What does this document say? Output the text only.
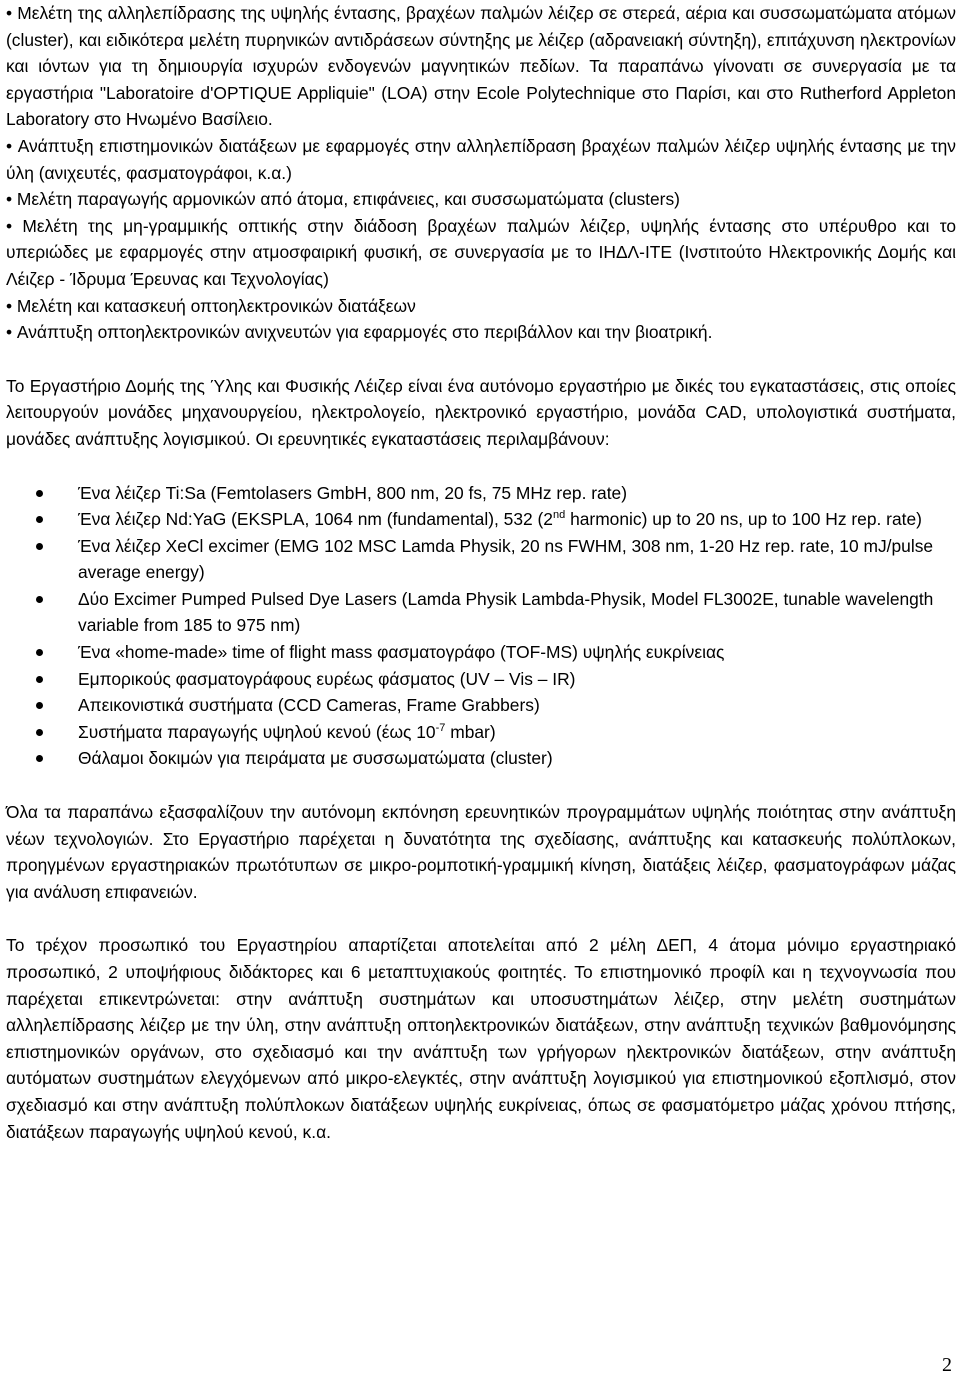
• Μελέτη της αλληλεπίδρασης της υψηλής έντασης, βραχέων παλμών λέιζερ σε στερεά, αέρια και συσσωματώματα ατόμων (cluster), και ειδικότερα μελέτη πυρηνικών αντιδράσεων σύντηξης με λέιζερ (αδρανειακή σύντηξη), επιτάχυνση ηλεκτρονίων και ιόντων για τη δημιουργία ισχυρών ενδογενών μαγνητικών πεδίων. Τα παραπάνω γίνονατι σε συνεργασία με τα εργαστήρια "Laboratoire d'OPTIQUE Appliquie" (LOA) στην Ecole Polytechnique στο Παρίσι, και στο Rutherford Appleton Laboratory στο Ηνωμένο Βασίλειο.

• Ανάπτυξη επιστημονικών διατάξεων με εφαρμογές στην αλληλεπίδραση βραχέων παλμών λέιζερ υψηλής έντασης με την ύλη (ανιχευτές, φασματογράφοι, κ.α.)

• Μελέτη παραγωγής αρμονικών από άτομα, επιφάνειες, και συσσωματώματα (clusters)

• Μελέτη της μη-γραμμικής οπτικής στην διάδοση βραχέων παλμών λέιζερ, υψηλής έντασης στο υπέρυθρο και το υπεριώδες με εφαρμογές στην ατμοσφαιρική φυσική, σε συνεργασία με το ΙΗΔΛ-ΙΤΕ (Ινστιτούτο Ηλεκτρονικής Δομής και Λέιζερ - Ίδρυμα Έρευνας και Τεχνολογίας)

• Μελέτη και κατασκευή οπτοηλεκτρονικών διατάξεων

• Ανάπτυξη οπτοηλεκτρονικών ανιχνευτών για εφαρμογές στο περιβάλλον και την βιοατρική.

Το Εργαστήριο Δομής της Ύλης και Φυσικής Λέιζερ είναι ένα αυτόνομο εργαστήριο με δικές του εγκαταστάσεις, στις οποίες λειτουργούν μονάδες μηχανουργείου, ηλεκτρολογείο, ηλεκτρονικό εργαστήριο, μονάδα CAD, υπολογιστικά συστήματα, μονάδες ανάπτυξης λογισμικού. Οι ερευνητικές εγκαταστάσεις περιλαμβάνουν:

Ένα λέιζερ Ti:Sa (Femtolasers GmbH, 800 nm, 20 fs, 75 MHz rep. rate)
Ένα λέιζερ Nd:YaG (EKSPLA, 1064 nm (fundamental), 532 (2nd harmonic) up to 20 ns, up to 100 Hz rep. rate)
Ένα λέιζερ XeCl excimer (EMG 102 MSC Lamda Physik, 20 ns FWHM, 308 nm, 1-20 Hz rep. rate, 10 mJ/pulse average energy)
Δύο Excimer Pumped Pulsed Dye Lasers (Lamda Physik Lambda-Physik, Model FL3002E, tunable wavelength variable from 185 to 975 nm)
Ένα «home-made» time of flight mass φασματογράφο (TOF-MS) υψηλής ευκρίνειας
Εμπορικούς φασματογράφους ευρέως φάσματος (UV – Vis – IR)
Απεικονιστικά συστήματα (CCD Cameras, Frame Grabbers)
Συστήματα παραγωγής υψηλού κενού (έως $10^{-7}$ mbar)
Θάλαμοι δοκιμών για πειράματα με συσσωματώματα (cluster)

Όλα τα παραπάνω εξασφαλίζουν την αυτόνομη εκπόνηση ερευνητικών προγραμμάτων υψηλής ποιότητας στην ανάπτυξη νέων τεχνολογιών. Στο Εργαστήριο παρέχεται η δυνατότητα της σχεδίασης, ανάπτυξης και κατασκευής πολύπλοκων, προηγμένων εργαστηριακών πρωτότυπων σε μικρο-ρομποτική-γραμμική κίνηση, διατάξεις λέιζερ, φασματογράφων μάζας για ανάλυση επιφανειών.

Το τρέχον προσωπικό του Εργαστηρίου απαρτίζεται αποτελείται από 2 μέλη ΔΕΠ, 4 άτομα μόνιμο εργαστηριακό προσωπικό, 2 υποψήφιους διδάκτορες και 6 μεταπτυχιακούς φοιτητές. Το επιστημονικό προφίλ και η τεχνογνωσία που παρέχεται επικεντρώνεται: στην ανάπτυξη συστημάτων και υποσυστημάτων λέιζερ, στην μελέτη συστημάτων αλληλεπίδρασης λέιζερ με την ύλη, στην ανάπτυξη οπτοηλεκτρονικών διατάξεων, στην ανάπτυξη τεχνικών βαθμονόμησης επιστημονικών οργάνων, στο σχεδιασμό και την ανάπτυξη των γρήγορων ηλεκτρονικών διατάξεων, στην ανάπτυξη αυτόματων συστημάτων ελεγχόμενων από μικρο-ελεγκτές, στην ανάπτυξη λογισμικού για επιστημονικού εξοπλισμό, στον σχεδιασμό και στην ανάπτυξη πολύπλοκων διατάξεων υψηλής ευκρίνειας, όπως σε φασματόμετρο μάζας χρόνου πτήσης, διατάξεων παραγωγής υψηλού κενού, κ.α.

2
